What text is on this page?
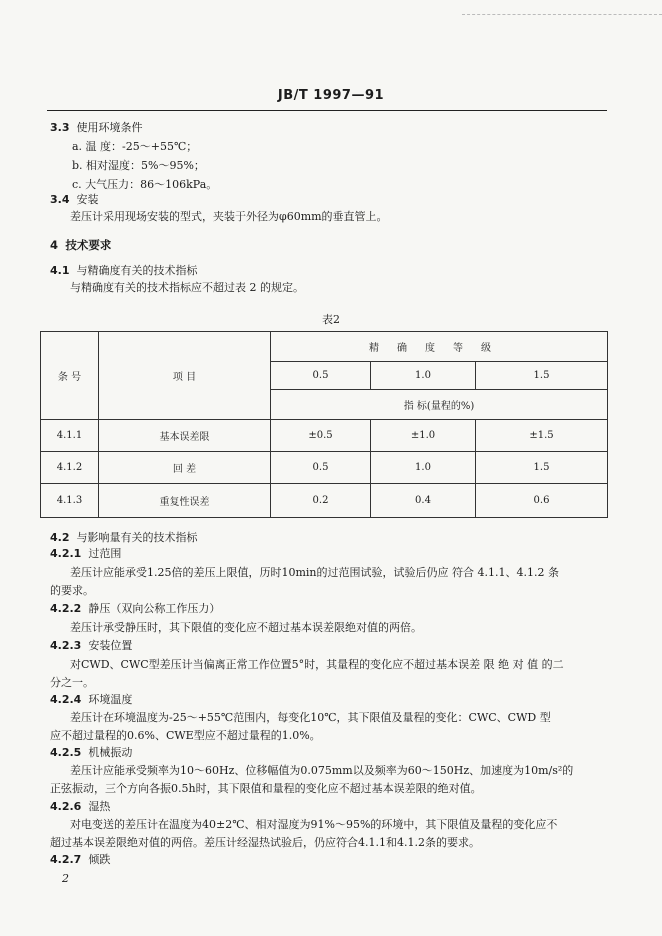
JB/T 1997—91
3.3 使用环境条件
a. 温 度：-25～+55℃；
b. 相对湿度：5%～95%；
c. 大气压力：86～106kPa。
3.4 安装
差压计采用现场安装的型式，夹装于外径为φ60mm的垂直管上。
4 技术要求
4.1 与精确度有关的技术指标
与精确度有关的技术指标应不超过表 2 的规定。
表2
条 号	项 目	精确度等级		
		0.5	1.0	1.5
		指 标(量程的%)		
4.1.1	基本误差限	±0.5	±1.0	±1.5
4.1.2	回 差	0.5	1.0	1.5
4.1.3	重复性误差	0.2	0.4	0.6
4.2 与影响量有关的技术指标
4.2.1 过范围
差压计应能承受1.25倍的差压上限值，历时10min的过范围试验，试验后仍应 符合 4.1.1、4.1.2 条
的要求。
4.2.2 静压（双向公称工作压力）
差压计承受静压时，其下限值的变化应不超过基本误差限绝对值的两倍。
4.2.3 安装位置
对CWD、CWC型差压计当偏离正常工作位置5°时，其量程的变化应不超过基本误差 限 绝 对 值 的二
分之一。
4.2.4 环境温度
差压计在环境温度为-25～+55℃范围内，每变化10℃，其下限值及量程的变化：CWC、CWD 型
应不超过量程的0.6%、CWE型应不超过量程的1.0%。
4.2.5 机械振动
差压计应能承受频率为10～60Hz、位移幅值为0.075mm以及频率为60～150Hz、加速度为10m/s²的
正弦振动，三个方向各振0.5h时，其下限值和量程的变化应不超过基本误差限的绝对值。
4.2.6 湿热
对电变送的差压计在温度为40±2℃、相对湿度为91%～95%的环境中，其下限值及量程的变化应不
超过基本误差限绝对值的两倍。差压计经湿热试验后，仍应符合4.1.1和4.1.2条的要求。
4.2.7 倾跌
2
